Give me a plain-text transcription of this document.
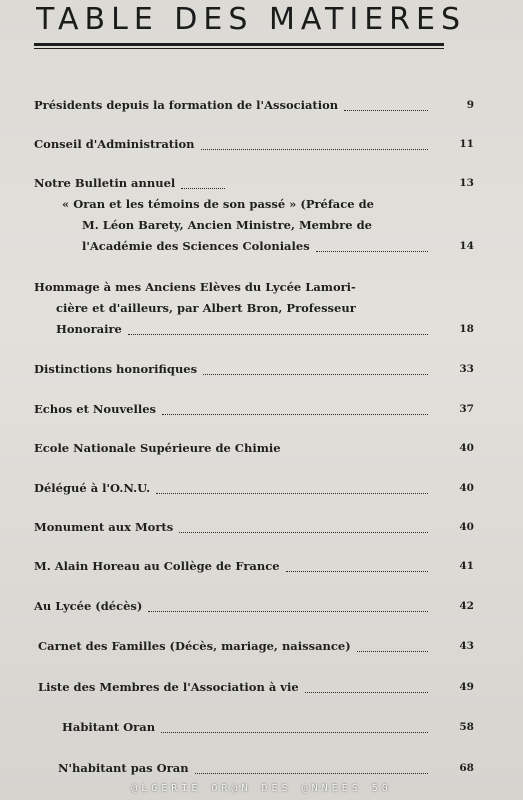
TABLE DES MATIERES
Présidents depuis la formation de l'Association	9
Conseil d'Administration	11
Notre Bulletin annuel	13
« Oran et les témoins de son passé » (Préface de
M. Léon Barety, Ancien Ministre, Membre de
l'Académie des Sciences Coloniales	14
Hommage à mes Anciens Elèves du Lycée Lamori-
cière et d'ailleurs, par Albert Bron, Professeur
Honoraire	18
Distinctions honorifiques	33
Echos et Nouvelles	37
Ecole Nationale Supérieure de Chimie	40
Délégué à l'O.N.U.	40
Monument aux Morts	40
M. Alain Horeau au Collège de France	41
Au Lycée (décès)	42
Carnet des Familles (Décès, mariage, naissance)	43
Liste des Membres de l'Association à vie	49
Habitant Oran	58
N'habitant pas Oran	68
@LGERIE OR@N DES @NNEES 50
